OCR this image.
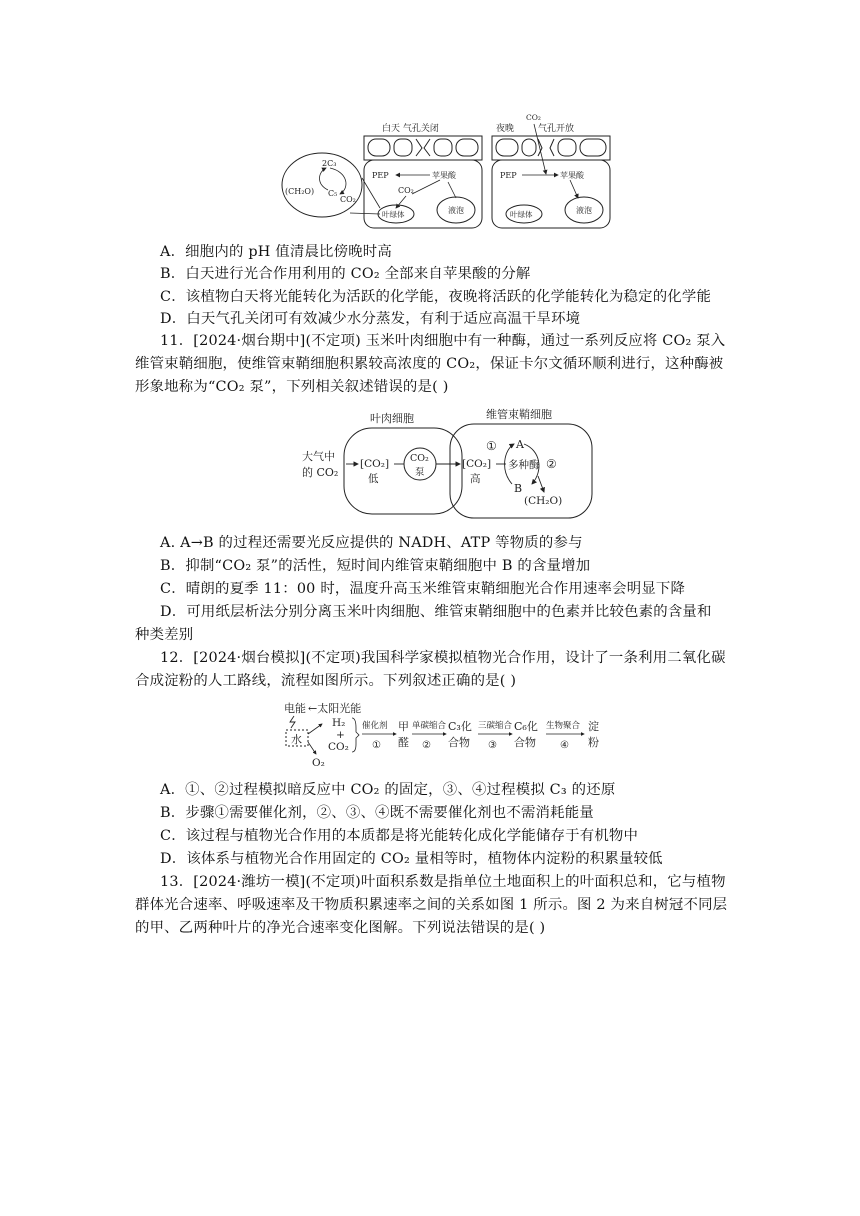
2C₃
(CH₂O) C₅
CO₂
白天 气孔关闭
PEP	苹果酸
CO₂
叶绿体	液泡
夜晚
CO₂
气孔开放
PEP	苹果酸
叶绿体	液泡
A．细胞内的 pH 值清晨比傍晚时高
B．白天进行光合作用利用的 CO₂ 全部来自苹果酸的分解
C．该植物白天将光能转化为活跃的化学能，夜晚将活跃的化学能转化为稳定的化学能
D．白天气孔关闭可有效减少水分蒸发，有利于适应高温干旱环境
11．[2024·烟台期中](不定项) 玉米叶肉细胞中有一种酶，通过一系列反应将 CO₂ 泵入
维管束鞘细胞，使维管束鞘细胞积累较高浓度的 CO₂，保证卡尔文循环顺利进行，这种酶被
形象地称为“CO₂ 泵”，下列相关叙述错误的是( )
叶肉细胞	维管束鞘细胞
大气中
的 CO₂
[CO₂]
低
CO₂
泵
[CO₂]
高
① A
多种酶 ②
B
(CH₂O)
A. A→B 的过程还需要光反应提供的 NADH、ATP 等物质的参与
B．抑制“CO₂ 泵”的活性，短时间内维管束鞘细胞中 B 的含量增加
C．晴朗的夏季 11：00 时，温度升高玉米维管束鞘细胞光合作用速率会明显下降
D．可用纸层析法分别分离玉米叶肉细胞、维管束鞘细胞中的色素并比较色素的含量和
种类差别
12．[2024·烟台模拟](不定项)我国科学家模拟植物光合作用，设计了一条利用二氧化碳
合成淀粉的人工路线，流程如图所示。下列叙述正确的是( )
电能 ←太阳光能
水
H₂
+
CO₂
O₂
催化剂
①
甲
醛
单碳缩合
②
C₃化
合物
三碳缩合
③
C₆化
合物
生物聚合
④
淀
粉
A．①、②过程模拟暗反应中 CO₂ 的固定，③、④过程模拟 C₃ 的还原
B．步骤①需要催化剂，②、③、④既不需要催化剂也不需消耗能量
C．该过程与植物光合作用的本质都是将光能转化成化学能储存于有机物中
D．该体系与植物光合作用固定的 CO₂ 量相等时，植物体内淀粉的积累量较低
13．[2024·潍坊一模](不定项)叶面积系数是指单位土地面积上的叶面积总和，它与植物
群体光合速率、呼吸速率及干物质积累速率之间的关系如图 1 所示。图 2 为来自树冠不同层
的甲、乙两种叶片的净光合速率变化图解。下列说法错误的是( )
